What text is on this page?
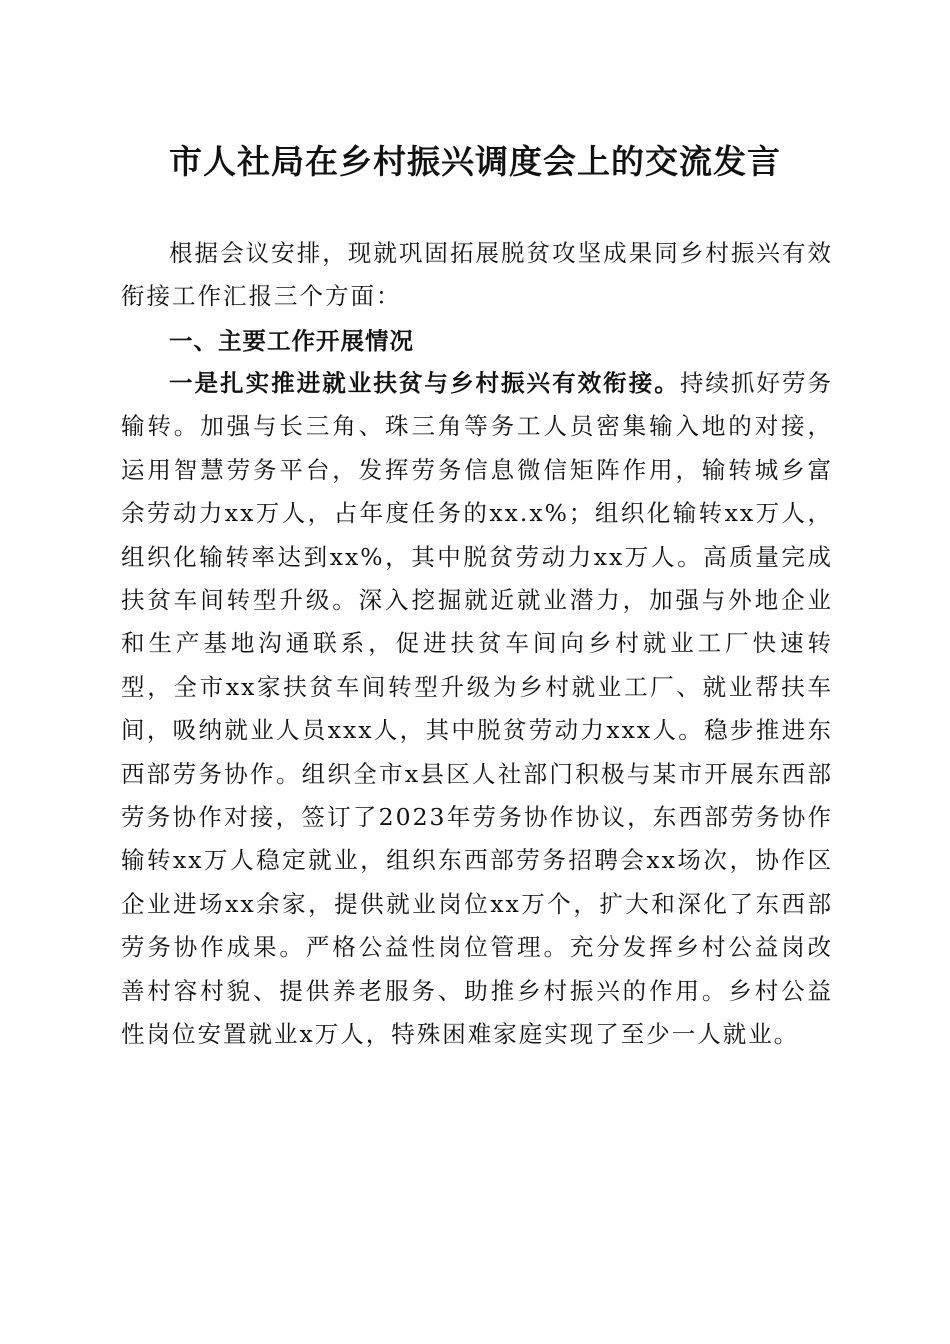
市人社局在乡村振兴调度会上的交流发言

根据会议安排，现就巩固拓展脱贫攻坚成果同乡村振兴有效衔接工作汇报三个方面：

一、主要工作开展情况

一是扎实推进就业扶贫与乡村振兴有效衔接。持续抓好劳务输转。加强与长三角、珠三角等务工人员密集输入地的对接，运用智慧劳务平台，发挥劳务信息微信矩阵作用，输转城乡富余劳动力xx万人，占年度任务的xx.x%；组织化输转xx万人，组织化输转率达到xx%，其中脱贫劳动力xx万人。高质量完成扶贫车间转型升级。深入挖掘就近就业潜力，加强与外地企业和生产基地沟通联系，促进扶贫车间向乡村就业工厂快速转型，全市xx家扶贫车间转型升级为乡村就业工厂、就业帮扶车间，吸纳就业人员xxx人，其中脱贫劳动力xxx人。稳步推进东西部劳务协作。组织全市x县区人社部门积极与某市开展东西部劳务协作对接，签订了2023年劳务协作协议，东西部劳务协作输转xx万人稳定就业，组织东西部劳务招聘会xx场次，协作区企业进场xx余家，提供就业岗位xx万个，扩大和深化了东西部劳务协作成果。严格公益性岗位管理。充分发挥乡村公益岗改善村容村貌、提供养老服务、助推乡村振兴的作用。乡村公益性岗位安置就业x万人，特殊困难家庭实现了至少一人就业。
